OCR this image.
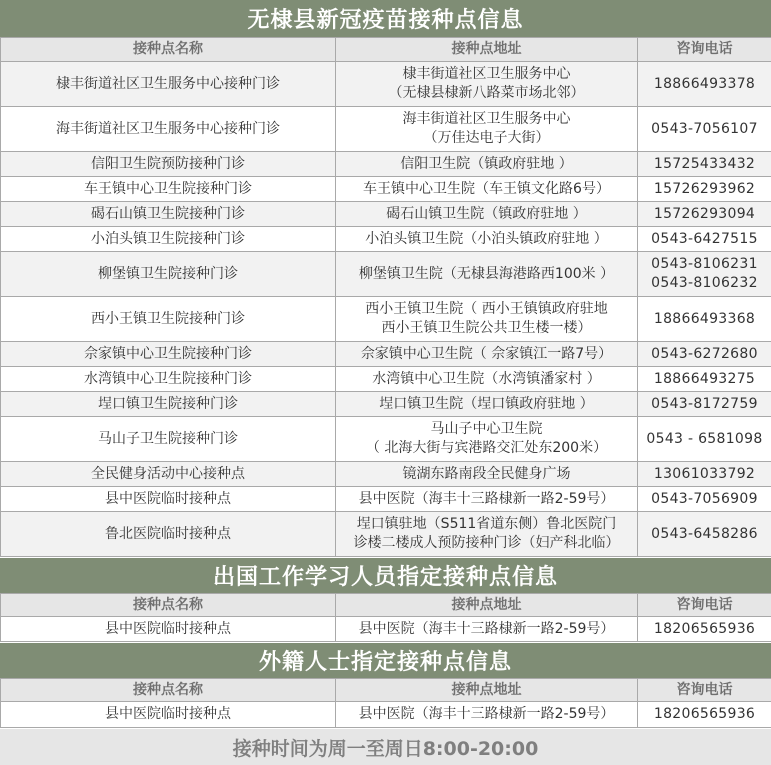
无棣县新冠疫苗接种点信息
接种点名称	接种点地址	咨询电话
棣丰街道社区卫生服务中心接种门诊	棣丰街道社区卫生服务中心
（无棣县棣新八路菜市场北邻）	18866493378

海丰街道社区卫生服务中心接种门诊	海丰街道社区卫生服务中心
（万佳达电子大街）	0543-7056107

信阳卫生院预防接种门诊	信阳卫生院（镇政府驻地 ）	15725433432

车王镇中心卫生院接种门诊	车王镇中心卫生院（车王镇文化路6号）	15726293962

碣石山镇卫生院接种门诊	碣石山镇卫生院（镇政府驻地 ）	15726293094

小泊头镇卫生院接种门诊	小泊头镇卫生院（小泊头镇政府驻地 ）	0543-6427515

柳堡镇卫生院接种门诊	柳堡镇卫生院（无棣县海港路西100米 ）	0543-8106231
0543-8106232

西小王镇卫生院接种门诊	西小王镇卫生院（ 西小王镇镇政府驻地
西小王镇卫生院公共卫生楼一楼）	18866493368

佘家镇中心卫生院接种门诊	佘家镇中心卫生院（ 佘家镇江一路7号）	0543-6272680

水湾镇中心卫生院接种门诊	水湾镇中心卫生院（水湾镇潘家村 ）	18866493275

埕口镇卫生院接种门诊	埕口镇卫生院（埕口镇政府驻地 ）	0543-8172759

马山子卫生院接种门诊	马山子中心卫生院
（ 北海大街与宾港路交汇处东200米）	0543 - 6581098

全民健身活动中心接种点	镜湖东路南段全民健身广场	13061033792

县中医院临时接种点	县中医院（海丰十三路棣新一路2-59号）	0543-7056909

鲁北医院临时接种点	埕口镇驻地（S511省道东侧）鲁北医院门
诊楼二楼成人预防接种门诊（妇产科北临）	0543-6458286
出国工作学习人员指定接种点信息
接种点名称	接种点地址	咨询电话
县中医院临时接种点	县中医院（海丰十三路棣新一路2-59号）	18206565936
外籍人士指定接种点信息
接种点名称	接种点地址	咨询电话
县中医院临时接种点	县中医院（海丰十三路棣新一路2-59号）	18206565936
接种时间为周一至周日8:00-20:00
